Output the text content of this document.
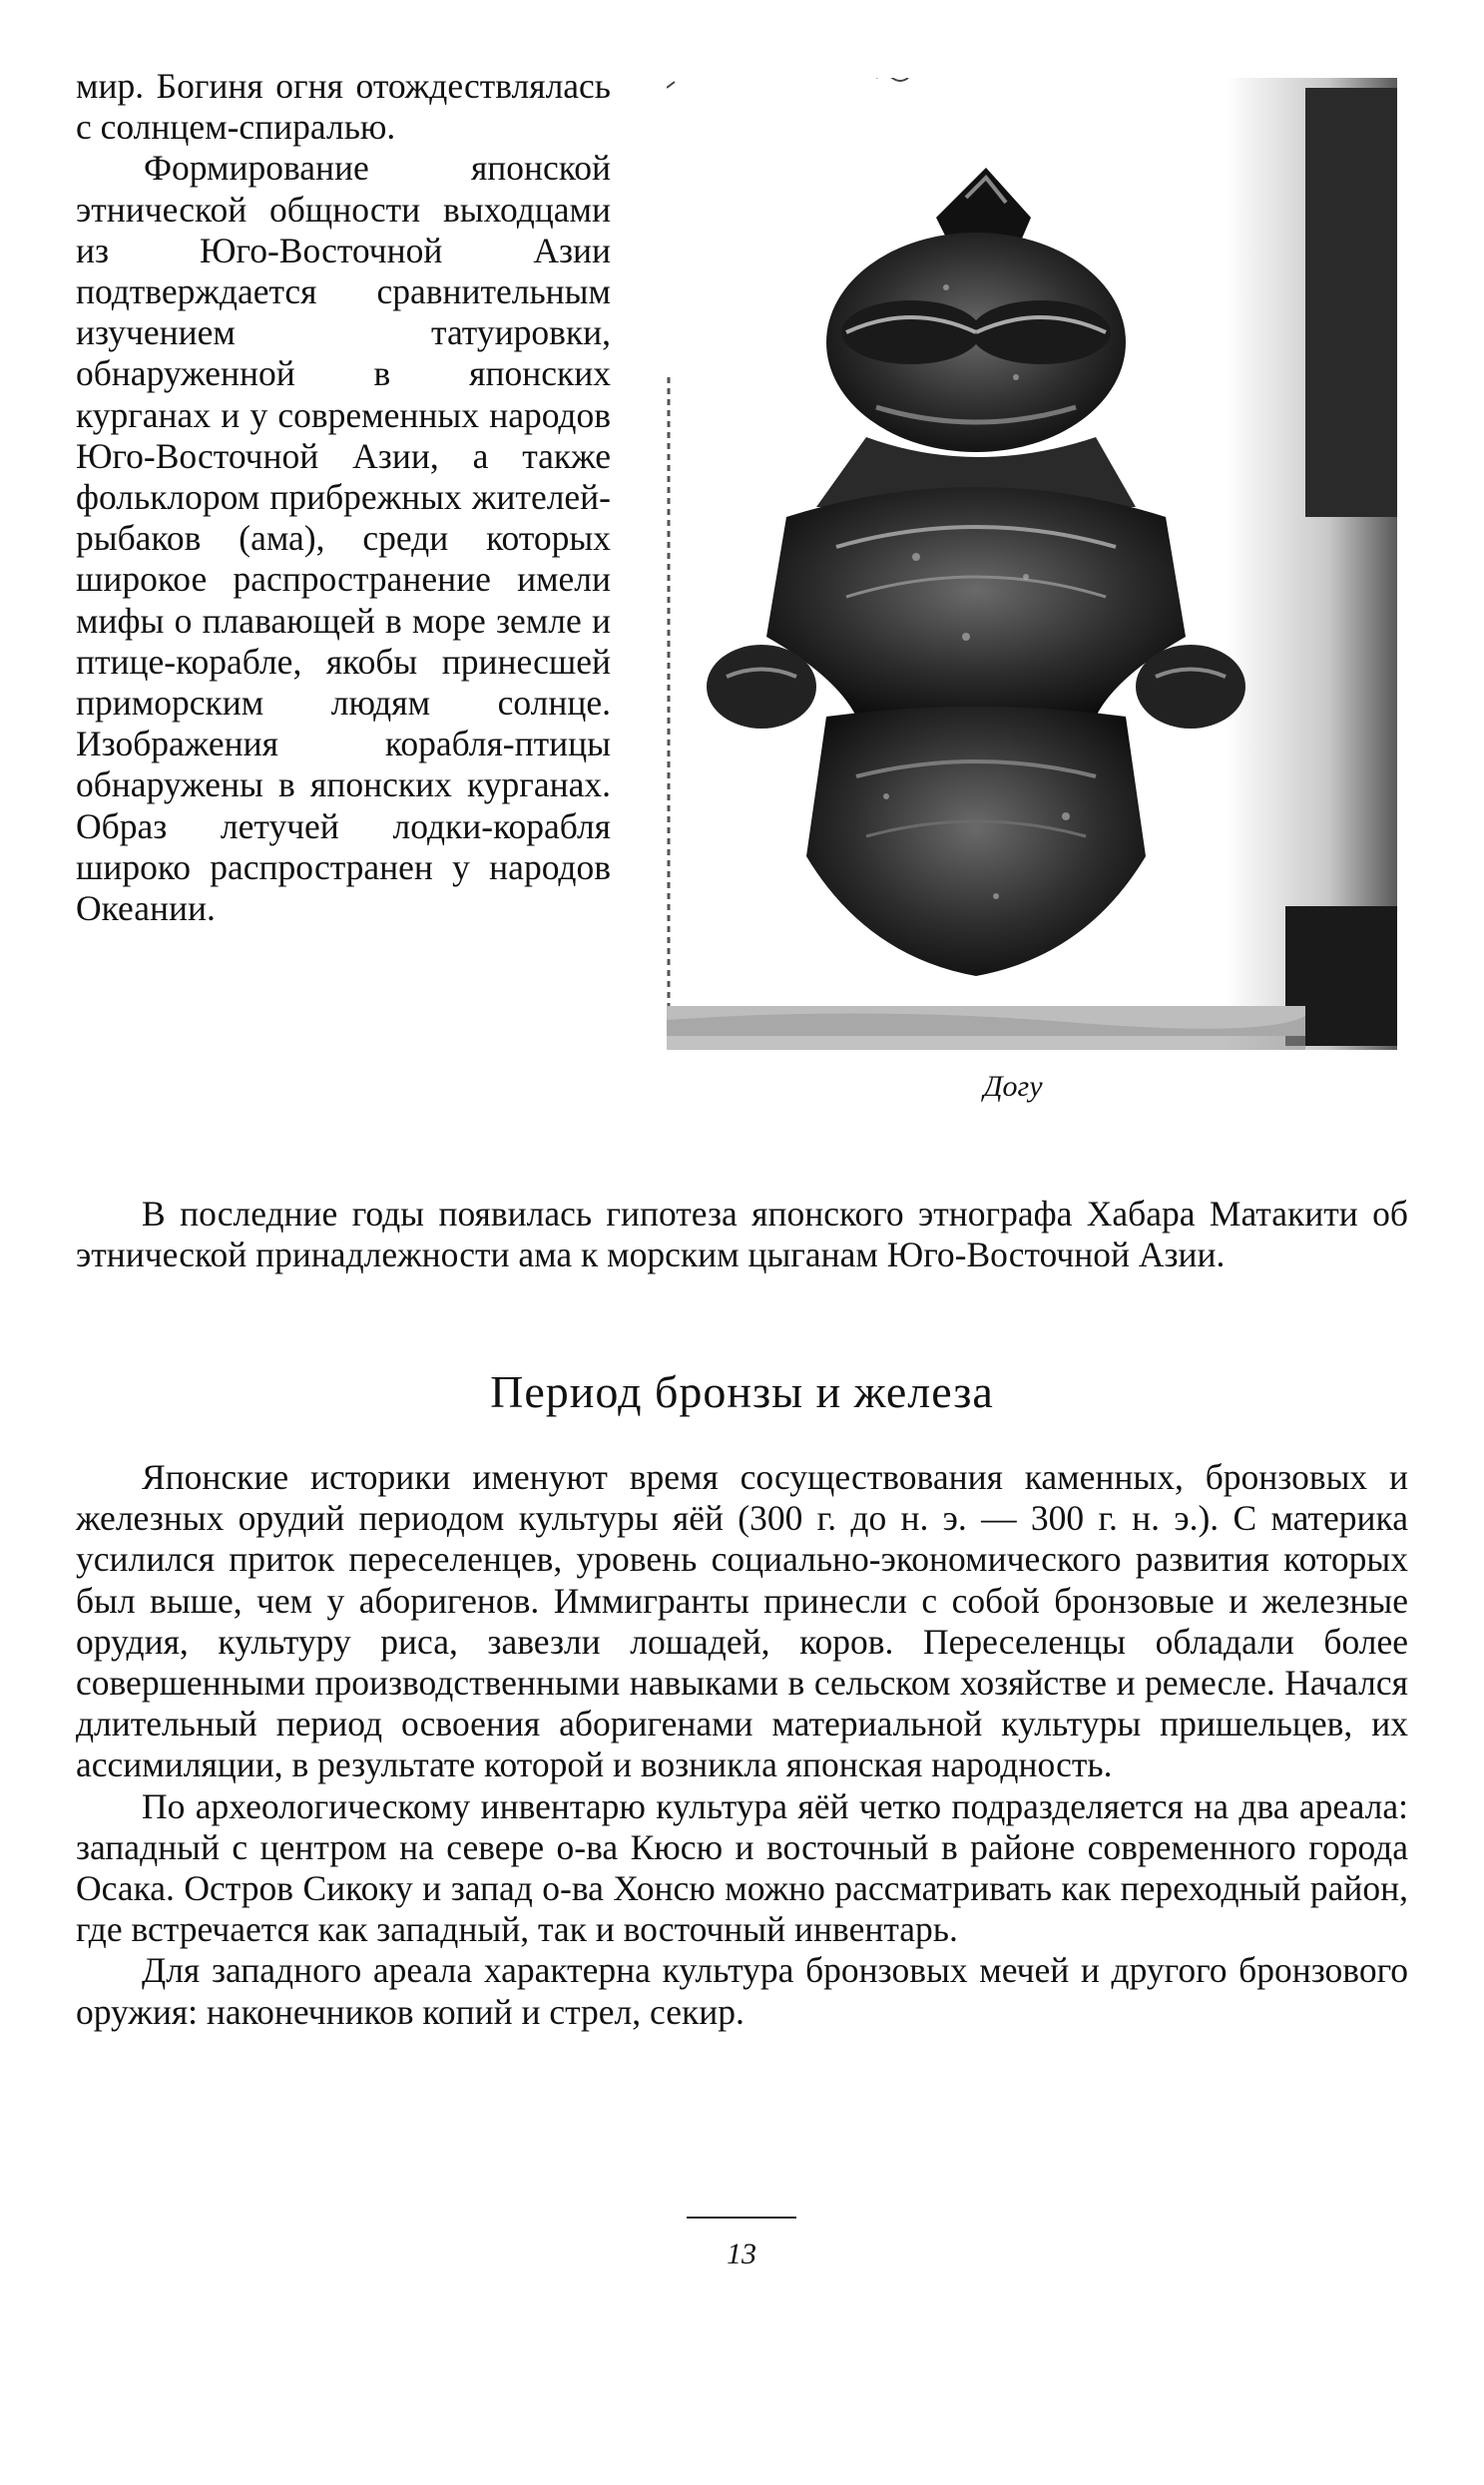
мир. Богиня огня отождествлялась с солнцем-спиралью.

Формирование японской этнической общности выходцами из Юго-Восточной Азии подтверждается сравнительным изучением татуировки, обнаруженной в японских курганах и у современных народов Юго-Восточной Азии, а также фольклором прибрежных жителей-рыбаков (ама), среди которых широкое распространение имели мифы о плавающей в море земле и птице-корабле, якобы принесшей приморским людям солнце. Изображения корабля-птицы обнаружены в японских курганах. Образ летучей лодки-корабля широко распространен у народов Океании.

Догу

В последние годы появилась гипотеза японского этнографа Хабара Матакити об этнической принадлежности ама к морским цыганам Юго-Восточной Азии.

Период бронзы и железа

Японские историки именуют время сосуществования каменных, бронзовых и железных орудий периодом культуры яёй (300 г. до н. э. — 300 г. н. э.). С материка усилился приток переселенцев, уровень социально-экономического развития которых был выше, чем у аборигенов. Иммигранты принесли с собой бронзовые и железные орудия, культуру риса, завезли лошадей, коров. Переселенцы обладали более совершенными производственными навыками в сельском хозяйстве и ремесле. Начался длительный период освоения аборигенами материальной культуры пришельцев, их ассимиляции, в результате которой и возникла японская народность.

По археологическому инвентарю культура яёй четко подразделяется на два ареала: западный с центром на севере о-ва Кюсю и восточный в районе современного города Осака. Остров Сикоку и запад о-ва Хонсю можно рассматривать как переходный район, где встречается как западный, так и восточный инвентарь.

Для западного ареала характерна культура бронзовых мечей и другого бронзового оружия: наконечников копий и стрел, секир.

13
